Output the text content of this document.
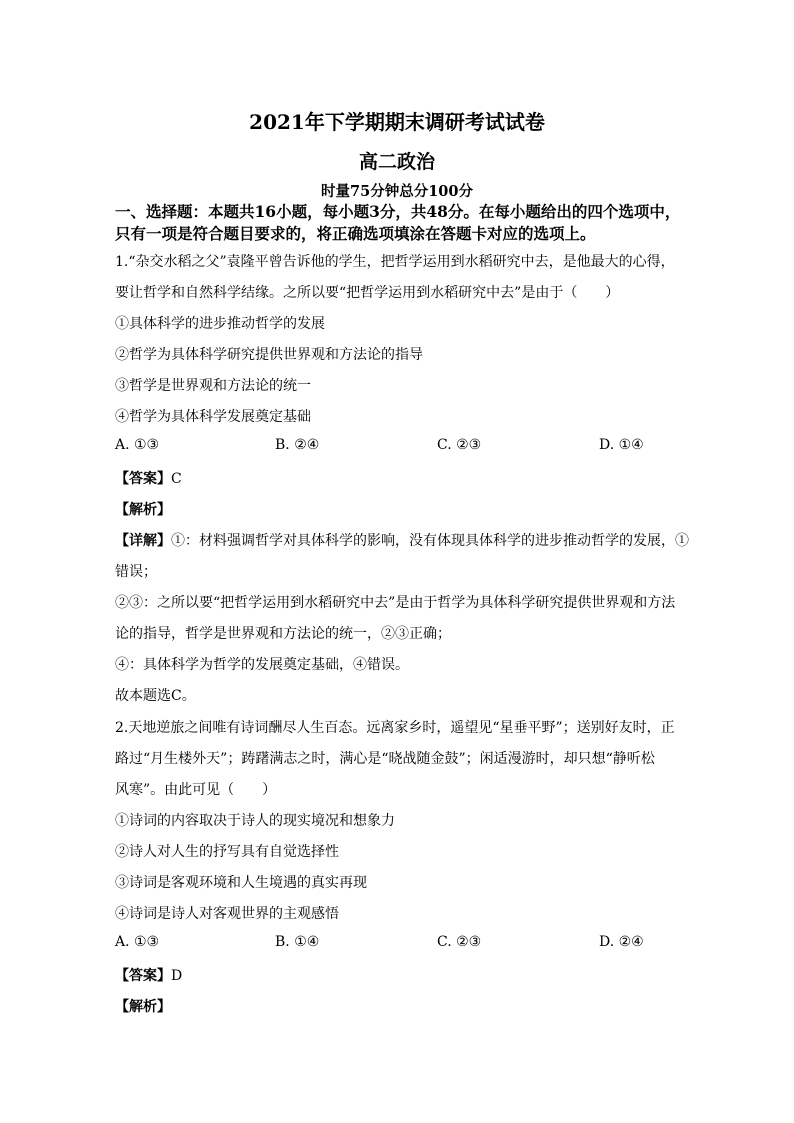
2021年下学期期末调研考试试卷
高二政治
时量75分钟总分100分
一、选择题：本题共16小题，每小题3分，共48分。在每小题给出的四个选项中，
只有一项是符合题目要求的，将正确选项填涂在答题卡对应的选项上。
1.“杂交水稻之父”袁隆平曾告诉他的学生，把哲学运用到水稻研究中去，是他最大的心得，
要让哲学和自然科学结缘。之所以要“把哲学运用到水稻研究中去”是由于（　　）
①具体科学的进步推动哲学的发展
②哲学为具体科学研究提供世界观和方法论的指导
③哲学是世界观和方法论的统一
④哲学为具体科学发展奠定基础
A. ①③	B. ②④	C. ②③	D. ①④
【答案】C
【解析】
【详解】①：材料强调哲学对具体科学的影响，没有体现具体科学的进步推动哲学的发展，①
错误；
②③：之所以要“把哲学运用到水稻研究中去”是由于哲学为具体科学研究提供世界观和方法
论的指导，哲学是世界观和方法论的统一，②③正确；
④：具体科学为哲学的发展奠定基础，④错误。
故本题选C。
2.天地逆旅之间唯有诗词酬尽人生百态。远离家乡时，遥望见“星垂平野”；送别好友时，正
路过“月生楼外天”；踌躇满志之时，满心是“晓战随金鼓”；闲适漫游时，却只想“静听松
风寒”。由此可见（　　）
①诗词的内容取决于诗人的现实境况和想象力
②诗人对人生的抒写具有自觉选择性
③诗词是客观环境和人生境遇的真实再现
④诗词是诗人对客观世界的主观感悟
A. ①③	B. ①④	C. ②③	D. ②④
【答案】D
【解析】
